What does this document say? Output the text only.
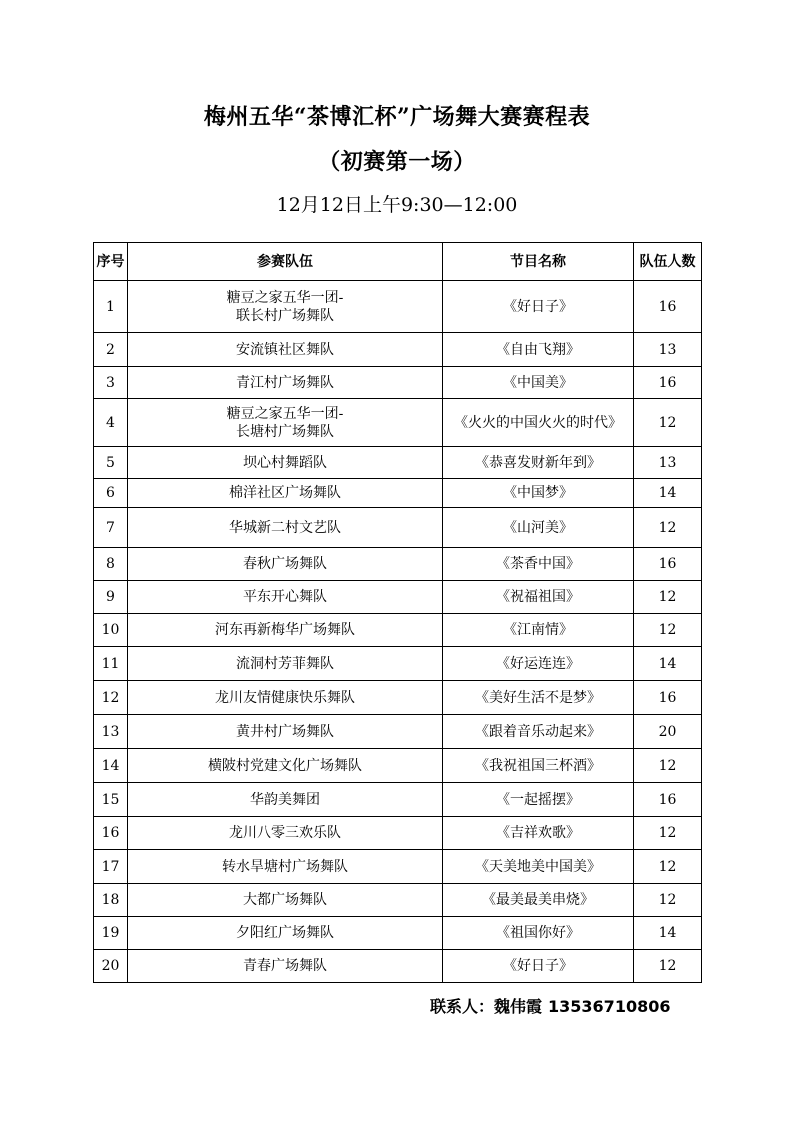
梅州五华“茶博汇杯”广场舞大赛赛程表
（初赛第一场）
12月12日上午9:30—12:00
序号	参赛队伍	节目名称	队伍人数
1	糖豆之家五华一团-
联长村广场舞队	《好日子》	16
2	安流镇社区舞队	《自由飞翔》	13
3	青江村广场舞队	《中国美》	16
4	糖豆之家五华一团-
长塘村广场舞队	《火火的中国火火的时代》	12
5	坝心村舞蹈队	《恭喜发财新年到》	13
6	棉洋社区广场舞队	《中国梦》	14
7	华城新二村文艺队	《山河美》	12
8	春秋广场舞队	《茶香中国》	16
9	平东开心舞队	《祝福祖国》	12
10	河东再新梅华广场舞队	《江南情》	12
11	流洞村芳菲舞队	《好运连连》	14
12	龙川友情健康快乐舞队	《美好生活不是梦》	16
13	黄井村广场舞队	《跟着音乐动起来》	20
14	横陂村党建文化广场舞队	《我祝祖国三杯酒》	12
15	华韵美舞团	《一起摇摆》	16
16	龙川八零三欢乐队	《吉祥欢歌》	12
17	转水旱塘村广场舞队	《天美地美中国美》	12
18	大都广场舞队	《最美最美串烧》	12
19	夕阳红广场舞队	《祖国你好》	14
20	青春广场舞队	《好日子》	12
联系人：魏伟霞 13536710806
